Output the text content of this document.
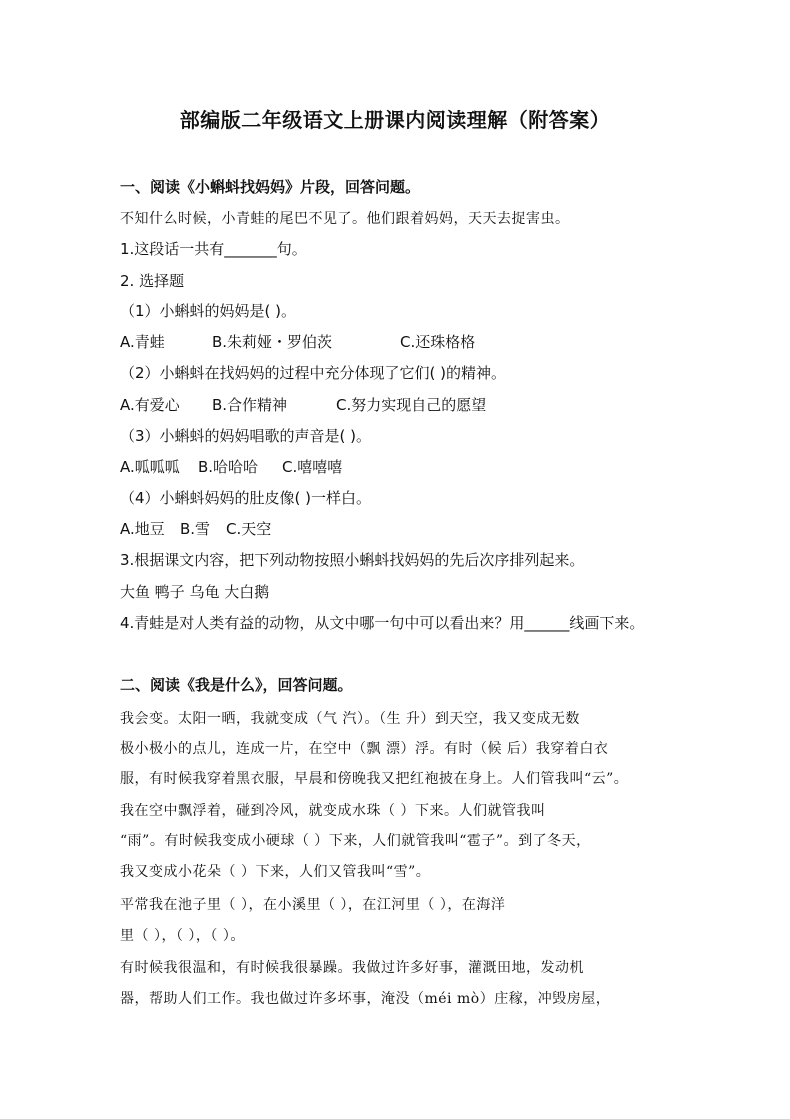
部编版二年级语文上册课内阅读理解（附答案）
一、阅读《小蝌蚪找妈妈》片段，回答问题。
不知什么时候，小青蛙的尾巴不见了。他们跟着妈妈，天天去捉害虫。
1.这段话一共有_______句。
2. 选择题
（1）小蝌蚪的妈妈是( )。
A.青蛙	B.朱莉娅・罗伯茨	C.还珠格格
（2）小蝌蚪在找妈妈的过程中充分体现了它们( )的精神。
A.有爱心 B.合作精神	C.努力实现自己的愿望
（3）小蝌蚪的妈妈唱歌的声音是( )。
A.呱呱呱 B.哈哈哈 C.嘻嘻嘻
（4）小蝌蚪妈妈的肚皮像( )一样白。
A.地豆 B.雪 C.天空
3.根据课文内容，把下列动物按照小蝌蚪找妈妈的先后次序排列起来。
大鱼 鸭子 乌龟 大白鹅
4.青蛙是对人类有益的动物，从文中哪一句中可以看出来？用______线画下来。
二、阅读《我是什么》，回答问题。
我会变。太阳一晒，我就变成（气 汽）。（生 升）到天空，我又变成无数
极小极小的点儿，连成一片，在空中（飘 漂）浮。有时（候 后）我穿着白衣
服，有时候我穿着黑衣服，早晨和傍晚我又把红袍披在身上。人们管我叫“云”。
我在空中飘浮着，碰到冷风，就变成水珠（ ）下来。人们就管我叫
“雨”。有时候我变成小硬球（ ）下来，人们就管我叫“雹子”。到了冬天，
我又变成小花朵（ ）下来，人们又管我叫“雪”。
平常我在池子里（ ），在小溪里（ ），在江河里（ ），在海洋
里（ ），（ ），（ ）。
有时候我很温和，有时候我很暴躁。我做过许多好事，灌溉田地，发动机
器，帮助人们工作。我也做过许多坏事，淹没（méi mò）庄稼，冲毁房屋，
